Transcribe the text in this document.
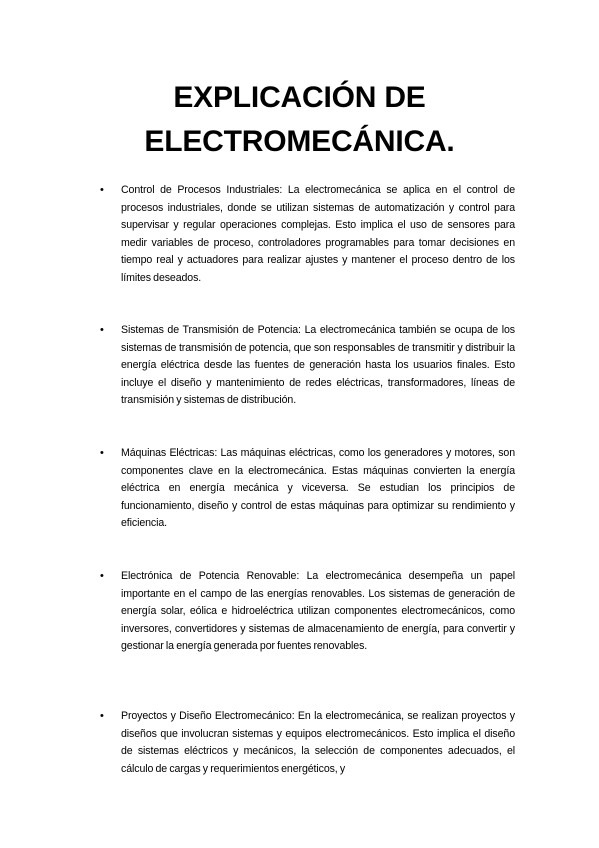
EXPLICACIÓN DE
ELECTROMECÁNICA.
• Control de Procesos Industriales: La electromecánica se aplica en el control de procesos industriales, donde se utilizan sistemas de automatización y control para supervisar y regular operaciones complejas. Esto implica el uso de sensores para medir variables de proceso, controladores programables para tomar decisiones en tiempo real y actuadores para realizar ajustes y mantener el proceso dentro de los límites deseados.
• Sistemas de Transmisión de Potencia: La electromecánica también se ocupa de los sistemas de transmisión de potencia, que son responsables de transmitir y distribuir la energía eléctrica desde las fuentes de generación hasta los usuarios finales. Esto incluye el diseño y mantenimiento de redes eléctricas, transformadores, líneas de transmisión y sistemas de distribución.
• Máquinas Eléctricas: Las máquinas eléctricas, como los generadores y motores, son componentes clave en la electromecánica. Estas máquinas convierten la energía eléctrica en energía mecánica y viceversa. Se estudian los principios de funcionamiento, diseño y control de estas máquinas para optimizar su rendimiento y eficiencia.
• Electrónica de Potencia Renovable: La electromecánica desempeña un papel importante en el campo de las energías renovables. Los sistemas de generación de energía solar, eólica e hidroeléctrica utilizan componentes electromecánicos, como inversores, convertidores y sistemas de almacenamiento de energía, para convertir y gestionar la energía generada por fuentes renovables.
• Proyectos y Diseño Electromecánico: En la electromecánica, se realizan proyectos y diseños que involucran sistemas y equipos electromecánicos. Esto implica el diseño de sistemas eléctricos y mecánicos, la selección de componentes adecuados, el cálculo de cargas y requerimientos energéticos, y
